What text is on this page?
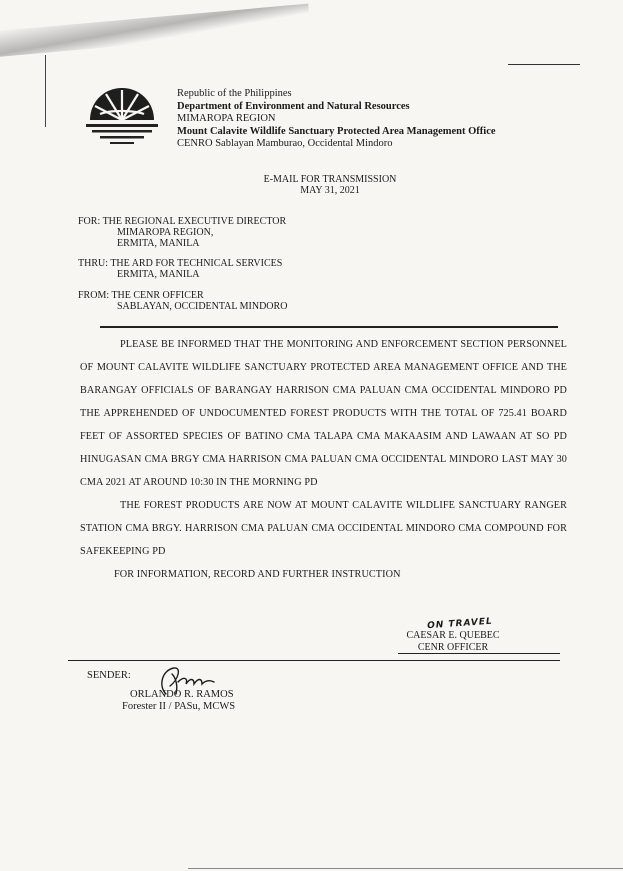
Republic of the Philippines
Department of Environment and Natural Resources
MIMAROPA REGION
Mount Calavite Wildlife Sanctuary Protected Area Management Office
CENRO Sablayan Mamburao, Occidental Mindoro
E-MAIL FOR TRANSMISSION
MAY 31, 2021
FOR: THE REGIONAL EXECUTIVE DIRECTOR
MIMAROPA REGION,
ERMITA, MANILA
THRU: THE ARD FOR TECHNICAL SERVICES
ERMITA, MANILA
FROM: THE CENR OFFICER
SABLAYAN, OCCIDENTAL MINDORO

PLEASE BE INFORMED THAT THE MONITORING AND ENFORCEMENT SECTION PERSONNEL OF MOUNT CALAVITE WILDLIFE SANCTUARY PROTECTED AREA MANAGEMENT OFFICE AND THE BARANGAY OFFICIALS OF BARANGAY HARRISON CMA PALUAN CMA OCCIDENTAL MINDORO PD THE APPREHENDED OF UNDOCUMENTED FOREST PRODUCTS WITH THE TOTAL OF 725.41 BOARD FEET OF ASSORTED SPECIES OF BATINO CMA TALAPA CMA MAKAASIM AND LAWAAN AT SO PD HINUGASAN CMA BRGY CMA HARRISON CMA PALUAN CMA OCCIDENTAL MINDORO LAST MAY 30 CMA 2021 AT AROUND 10:30 IN THE MORNING PD

THE FOREST PRODUCTS ARE NOW AT MOUNT CALAVITE WILDLIFE SANCTUARY RANGER STATION CMA BRGY. HARRISON CMA PALUAN CMA OCCIDENTAL MINDORO CMA COMPOUND FOR SAFEKEEPING PD

FOR INFORMATION, RECORD AND FURTHER INSTRUCTION

ON TRAVEL
CAESAR E. QUEBEC
CENR OFFICER
SENDER:
ORLANDO R. RAMOS
Forester II / PASu, MCWS
